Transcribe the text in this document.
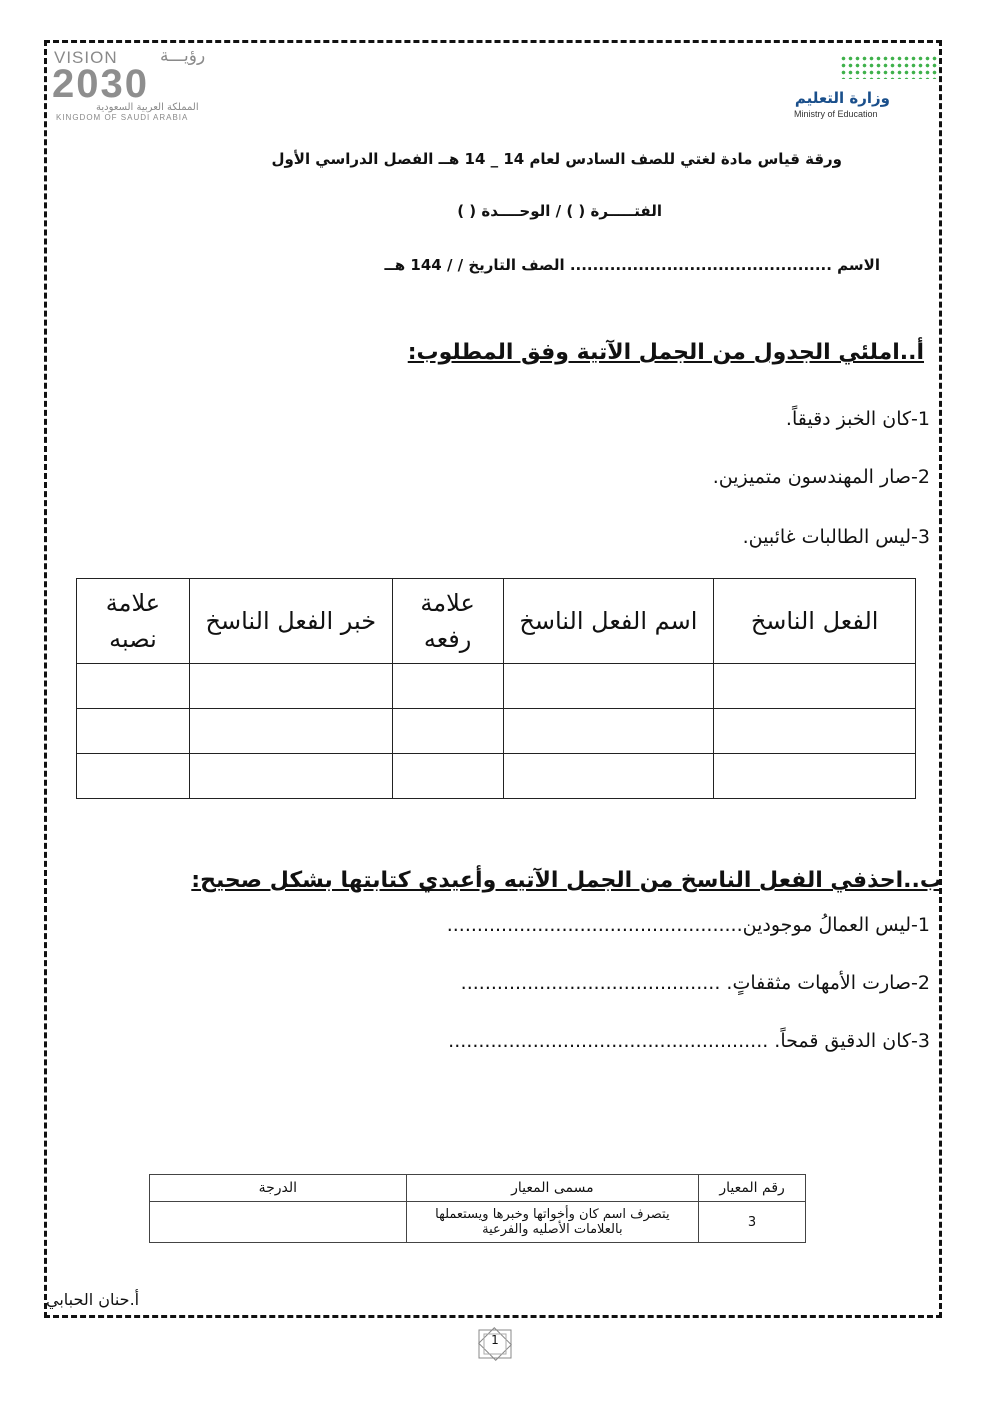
VISION رؤيـــة
2030
المملكة العربية السعودية
KINGDOM OF SAUDI ARABIA
وزارة التعليم
Ministry of Education
ورقة قياس مادة لغتي للصف السادس لعام 14 _ 14 هــ الفصل الدراسي الأول
الفتـــــرة ( ) / الوحــــدة ( )
الاسم .............................................. الصف التاريخ / / 144 هــ
أ..املئي الجدول من الجمل الآتية وفق المطلوب:
1-كان الخبز دقيقاً.
2-صار المهندسون متميزين.
3-ليس الطالبات غائبين.
الفعل الناسخ	اسم الفعل الناسخ	علامة رفعه	خبر الفعل الناسخ	علامة نصبه

ب..احذفي الفعل الناسخ من الجمل الآتيه وأعيدي كتابتها بشكل صحيح:
1-ليس العمالُ موجودين.................................................
2-صارت الأمهات مثقفاتٍ. ...........................................
3-كان الدقيق قمحاً. .....................................................
رقم المعيار	مسمى المعيار	الدرجة
3	يتصرف اسم كان وأخواتها وخبرها ويستعملها بالعلامات الأصليه والفرعية	
أ.حنان الحبابي
1
